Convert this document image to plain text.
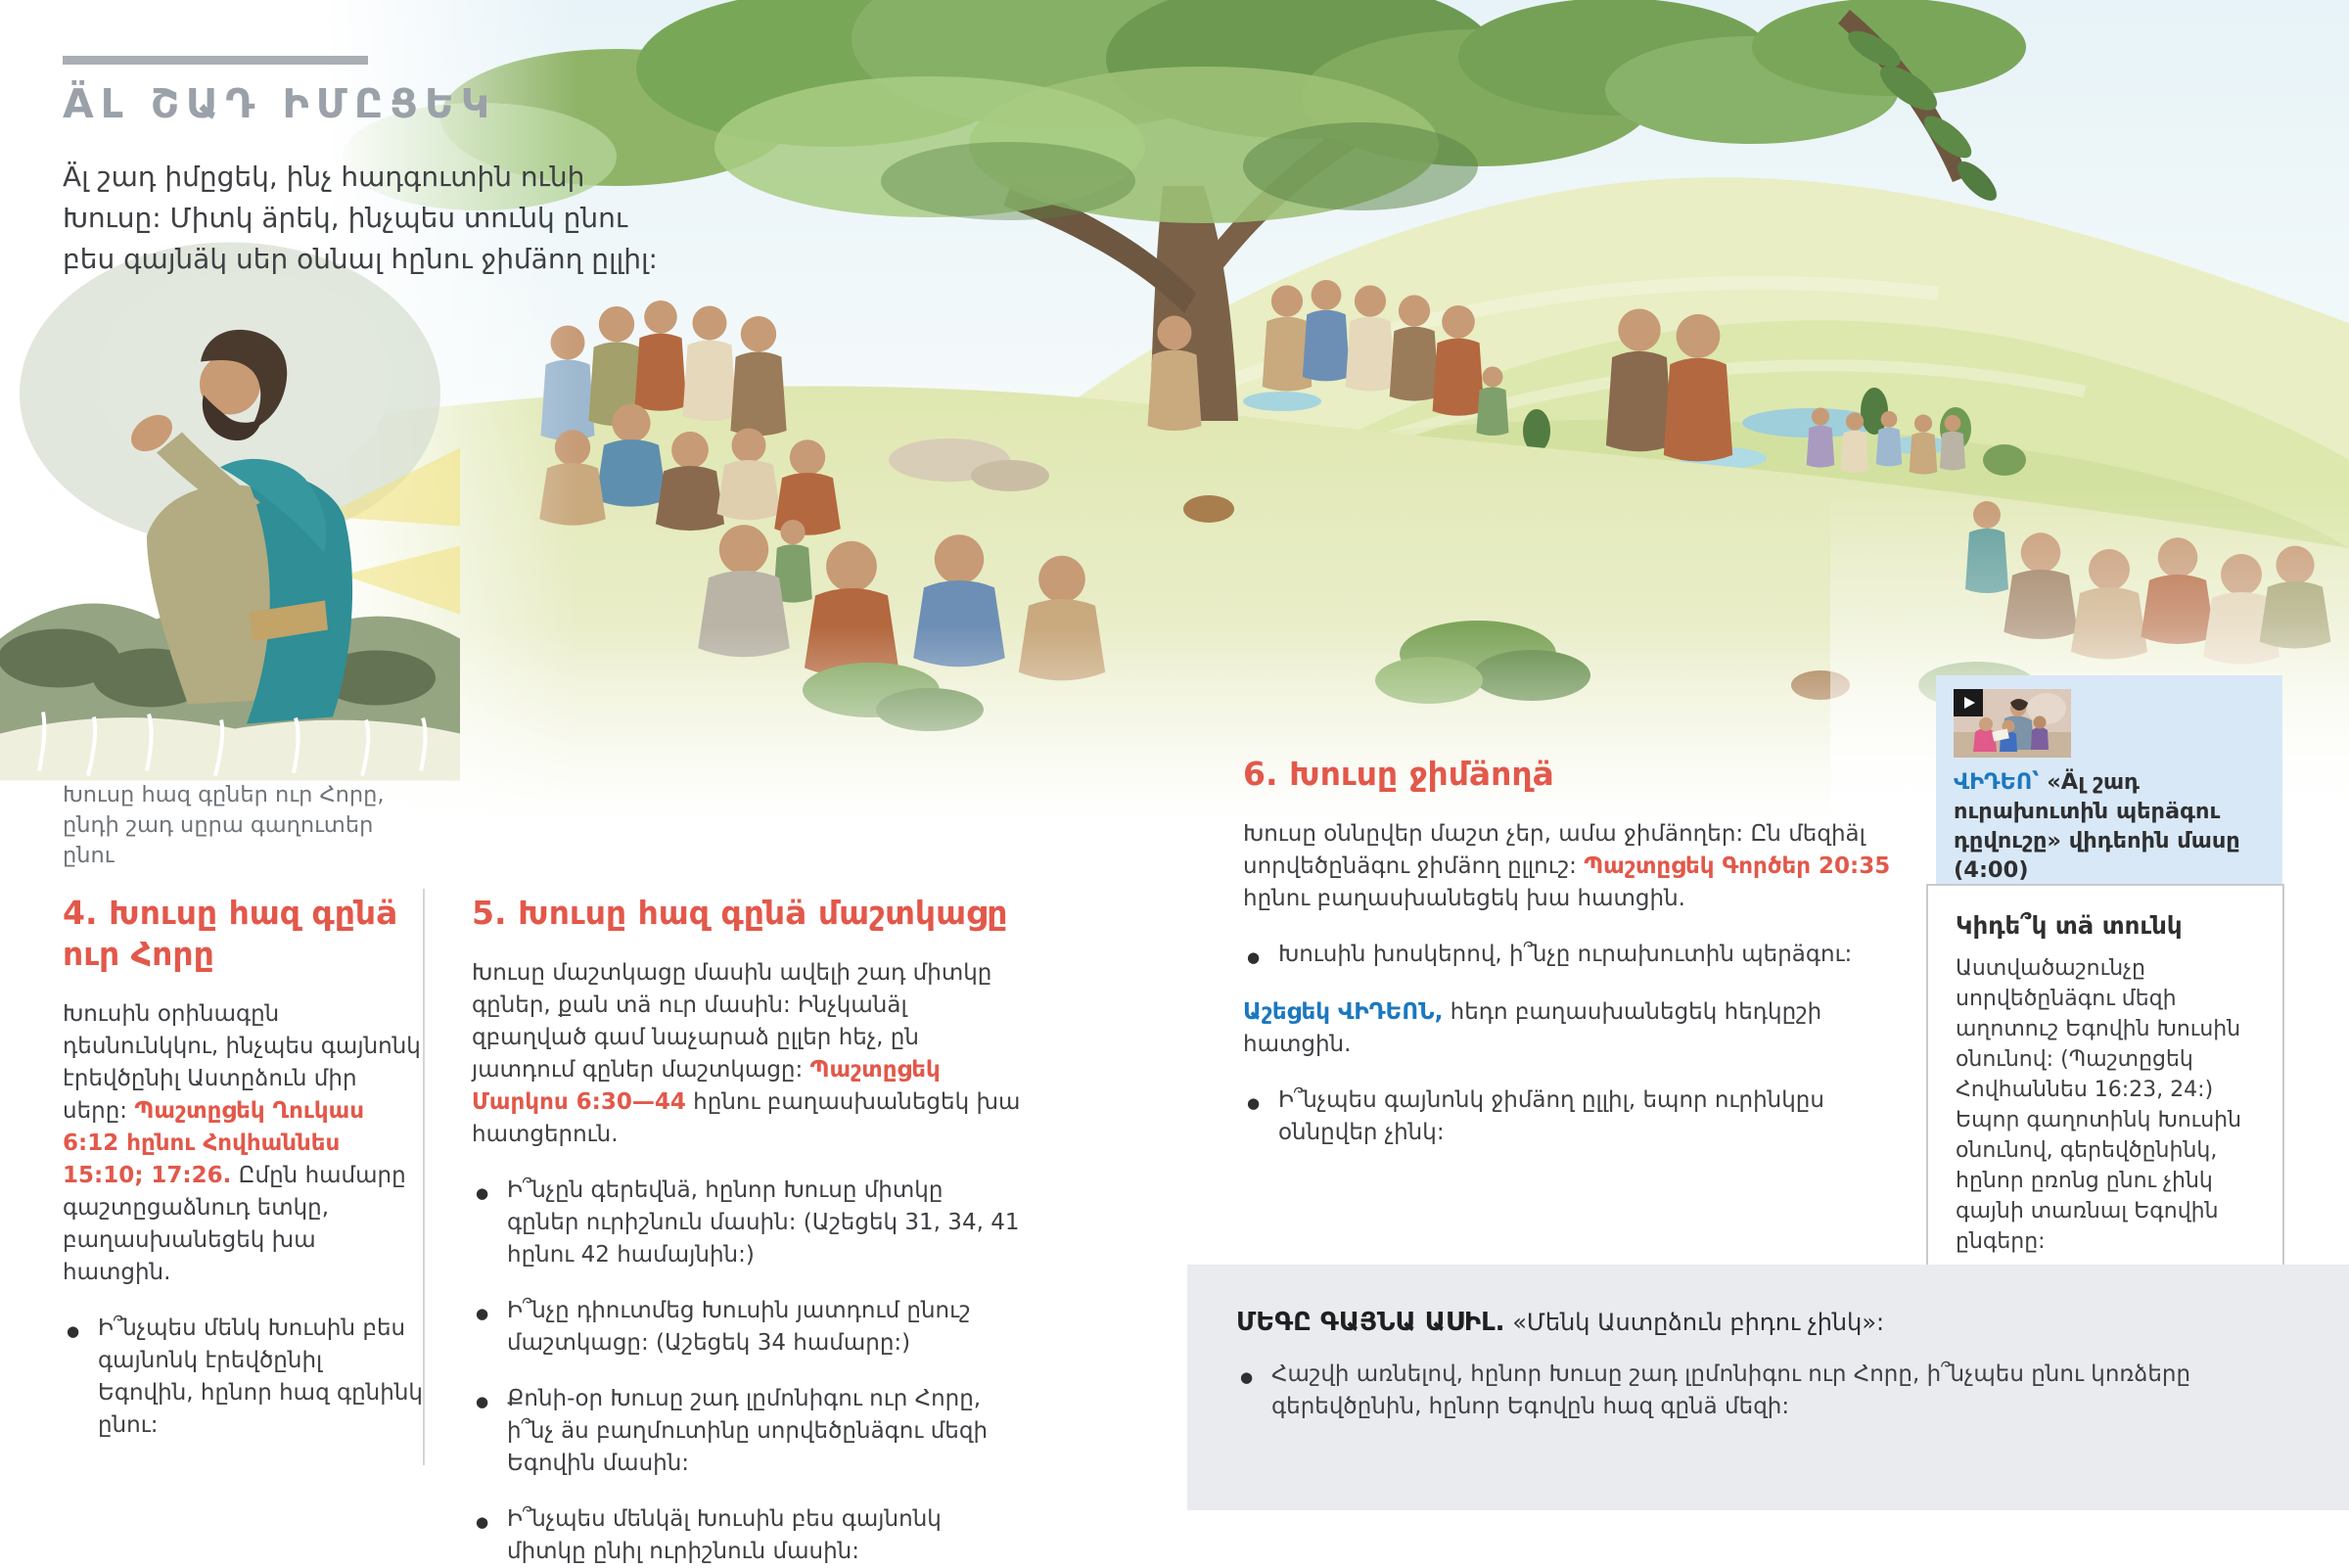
ÄԼ ՇԱԴ ԻՄԸՑԵԿ
Äլ շադ իմըցեկ, ինչ հադգուտին ունի Խուսը: Միտկ äրեկ, ինչպես տունկ ընու բես գայնäկ սեր օննալ հընու ջիմäող ըլլիլ:
Խուսը հազ գըներ ուր Հորը,
ընդի շադ սըրա գաղուտեր ընու
4. Խուսը հազ գընä ուր Հորը
Խուսին օրինագըն դեսնունկկու, ինչպես գայնոնկ էրեվծընիլ Աստըձուն միր սերը: Պաշտըցեկ Ղուկաս 6:12 հընու Հովհաննես 15:10; 17:26. Ըմըն համարը գաշտըցաձնուդ ետկը, բաղասխանեցեկ խա հատցին.
● Ի՞նչպես մենկ Խուսին բես գայնոնկ էրեվծընիլ Եգովին, հընոր հազ գընինկ ընու:
5. Խուսը հազ գընä մաշտկացը
Խուսը մաշտկացը մասին ավելի շադ միտկը գըներ, քան տä ուր մասին: Ինչկանäլ զբաղված գամ նաչարաձ ըլլեր հեչ, ըն յատդում գըներ մաշտկացը: Պաշտըցեկ Մարկոս 6:30—44 հընու բաղասխանեցեկ խա հատցերուն.
● Ի՞նչըն գերեվնä, հընոր Խուսը միտկը գըներ ուրիշնուն մասին: (Աշեցեկ 31, 34, 41 հընու 42 համայնին:)
● Ի՞նչը դիուտմեց Խուսին յատդում ընուշ մաշտկացը: (Աշեցեկ 34 համարը:)
● Քոնի-օր Խուսը շադ լըմոնիգու ուր Հորը, ի՞նչ äս բաղմուտինը սորվեծընäգու մեզի Եգովին մասին:
● Ի՞նչպես մենկäլ Խուսին բես գայնոնկ միտկը ընիլ ուրիշնուն մասին:
6. Խուսը ջիմäողä
Խուսը օննըվեր մաշտ չեր, ամա ջիմäողեր: Ըն մեզիäլ սորվեծընäգու ջիմäող ըլլուշ: Պաշտըցեկ Գործեր 20:35 հընու բաղասխանեցեկ խա հատցին.
● Խուսին խոսկերով, ի՞նչը ուրախուտին պերäգու:
Աշեցեկ ՎԻԴԵՈՆ, հեդո բաղասխանեցեկ հեդկըշի հատցին.
● Ի՞նչպես գայնոնկ ջիմäող ըլլիլ, եպոր ուրինկըս օննըվեր չինկ:
ՎԻԴԵՈ՝ «Äլ շադ ուրախուտին պերäգու դըվուշը» վիդեոին մասը (4:00)
Կիդե՞կ տä տունկ
Աստվածաշունչը սորվեծընäգու մեզի աղոտուշ Եգովին Խուսին օնունով: (Պաշտըցեկ Հովհաննես 16:23, 24:) Եպոր գաղոտինկ Խուսին օնունով, գերեվծընինկ, հընոր ըռոնց ընու չինկ գայնի տառնալ Եգովին ընգերը:
ՄԵԳԸ ԳԱՅՆԱ ԱՍԻԼ. «Մենկ Աստըձուն բիդու չինկ»:
● Հաշվի առնելով, հընոր Խուսը շադ լըմոնիգու ուր Հորը, ի՞նչպես ընու կոռձերը գերեվծընին, հընոր Եգովըն հազ գընä մեզի:
